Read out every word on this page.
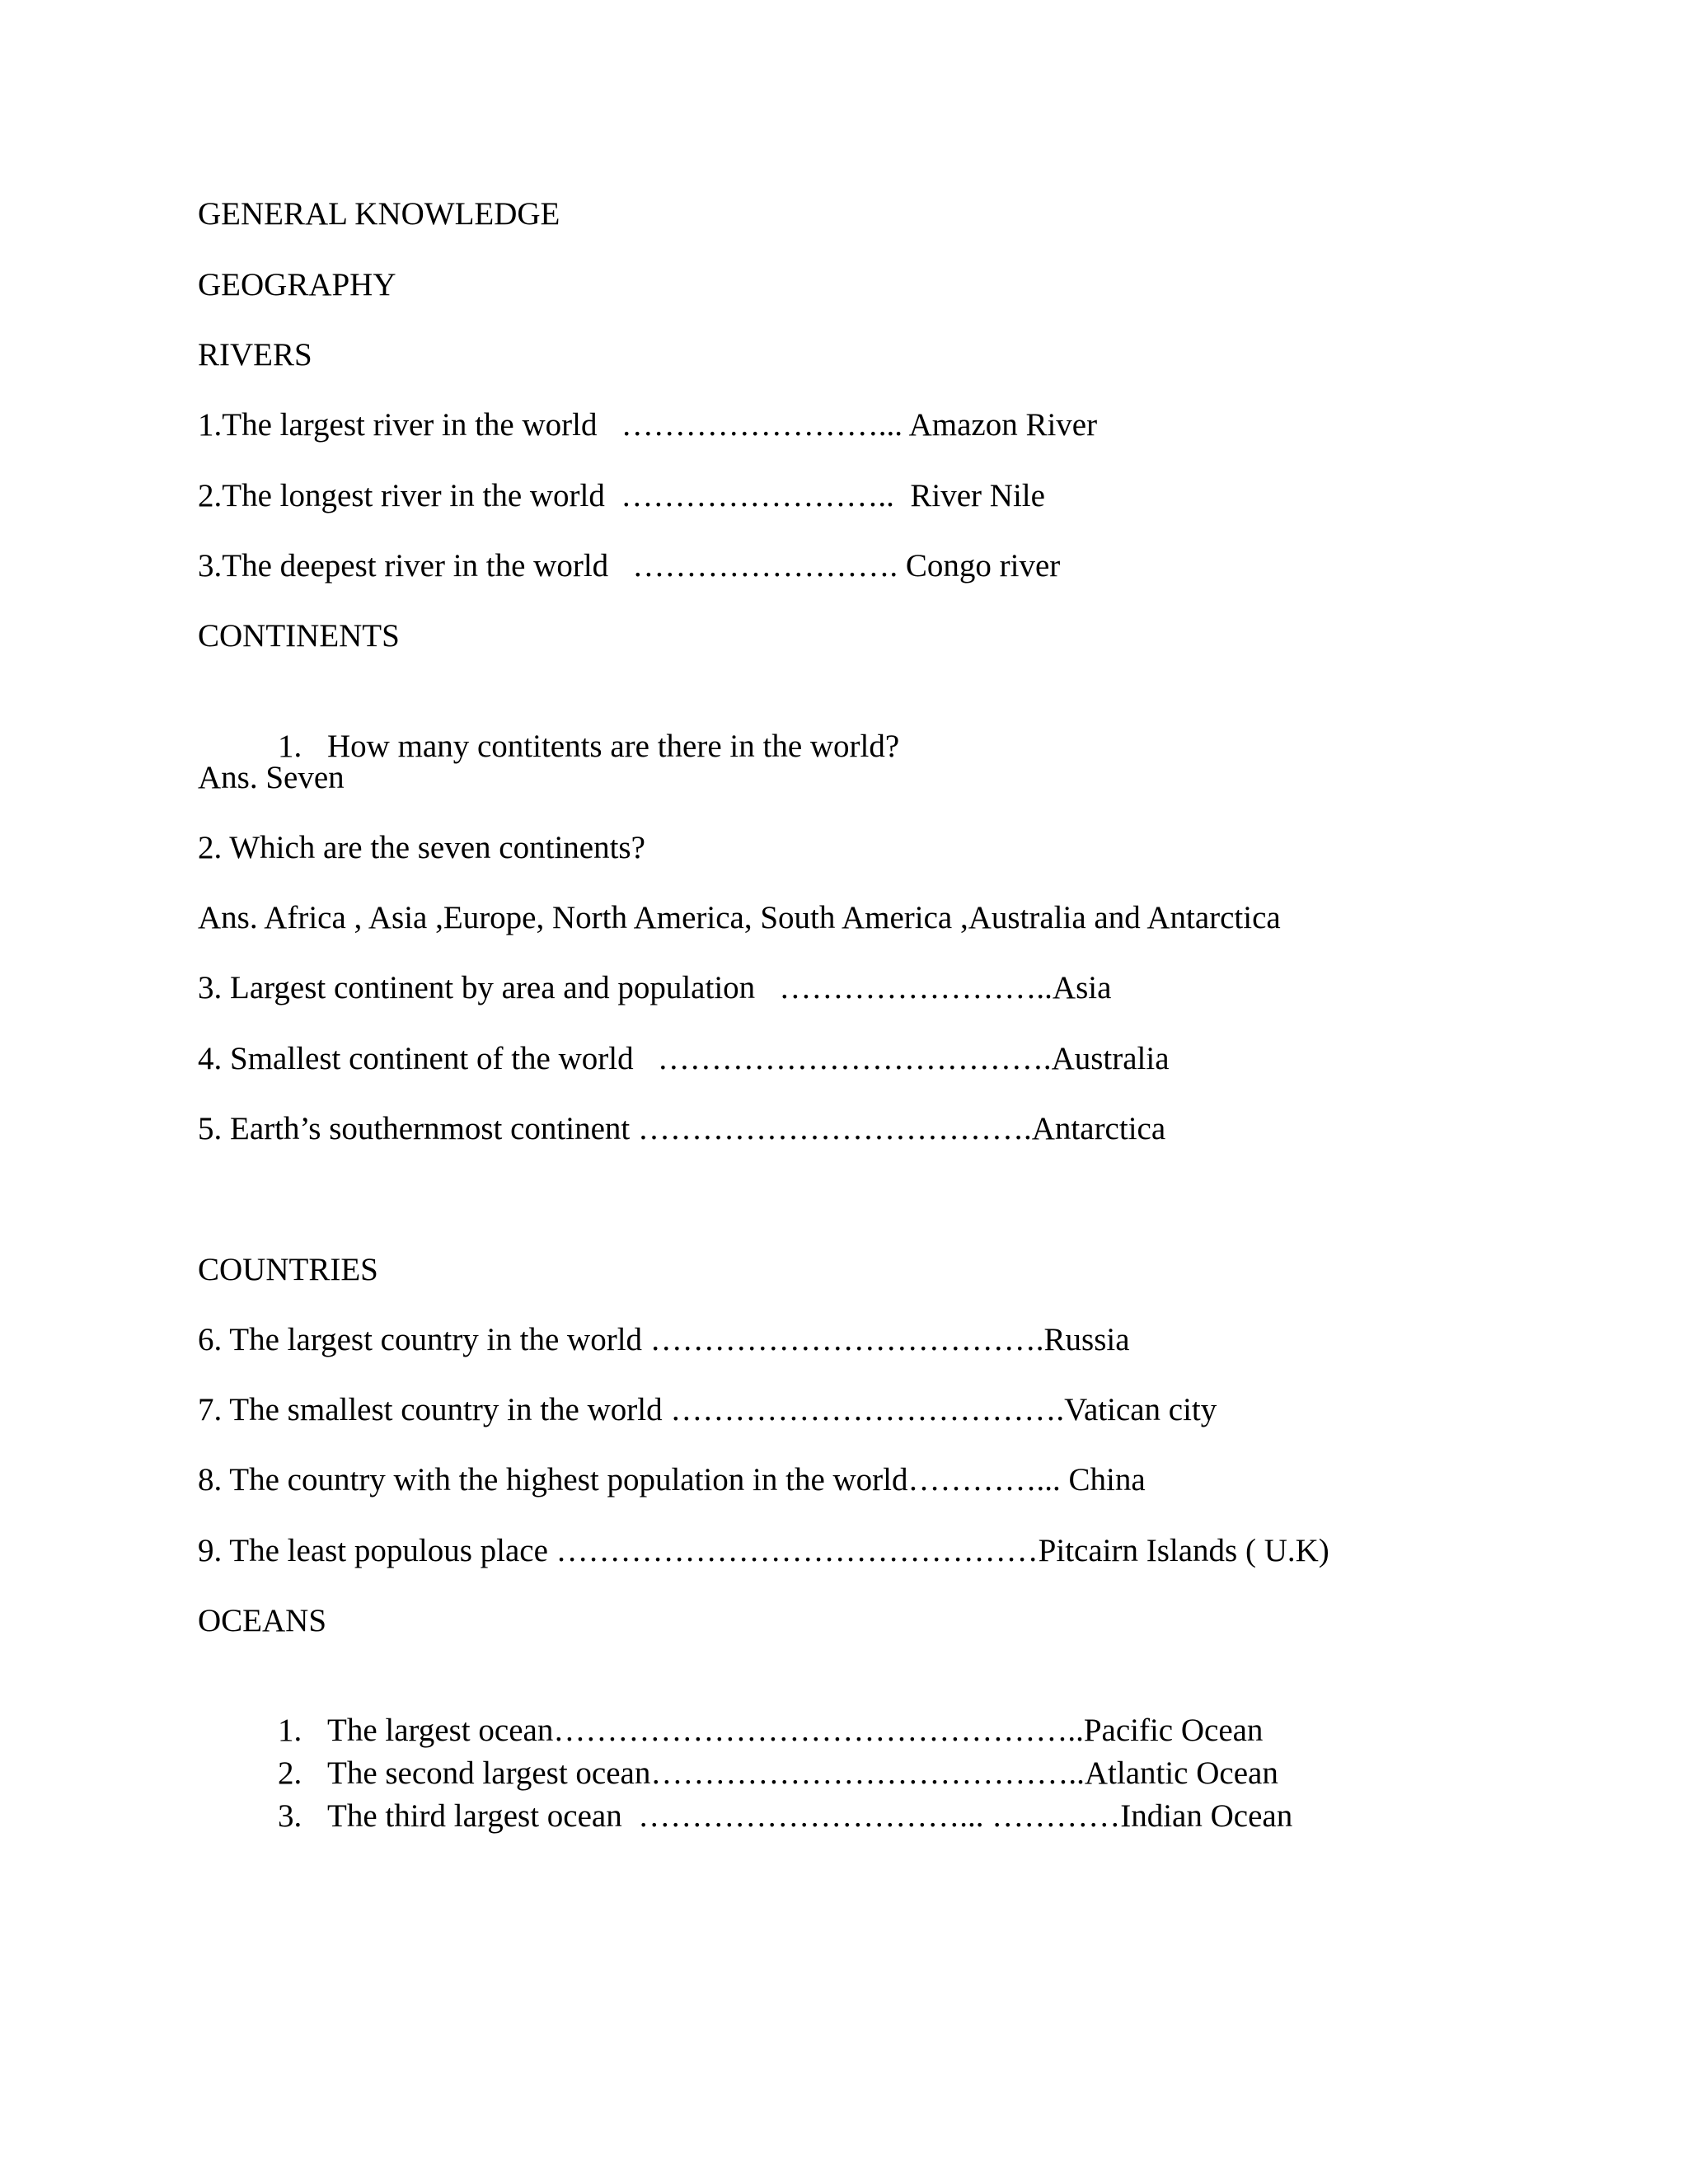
GENERAL KNOWLEDGE
GEOGRAPHY
RIVERS
1.The largest river in the world   ……………………... Amazon River
2.The longest river in the world  ……………………..  River Nile
3.The deepest river in the world   ……………………. Congo river
CONTINENTS

1. How many contitents are there in the world?

Ans. Seven
2. Which are the seven continents?
Ans. Africa , Asia ,Europe, North America, South America ,Australia and Antarctica
3. Largest continent by area and population   ……………………..Asia
4. Smallest continent of the world   ……………………………….Australia
5. Earth’s southernmost continent ……………………………….Antarctica
COUNTRIES
6. The largest country in the world ……………………………….Russia
7. The smallest country in the world ……………………………….Vatican city
8. The country with the highest population in the world…………... China
9. The least populous place ………………………………………Pitcairn Islands ( U.K)
OCEANS

1. The largest ocean…………………………………………..Pacific Ocean

2. The second largest ocean…………………………………..Atlantic Ocean

3. The third largest ocean  …………………………... …………Indian Ocean
